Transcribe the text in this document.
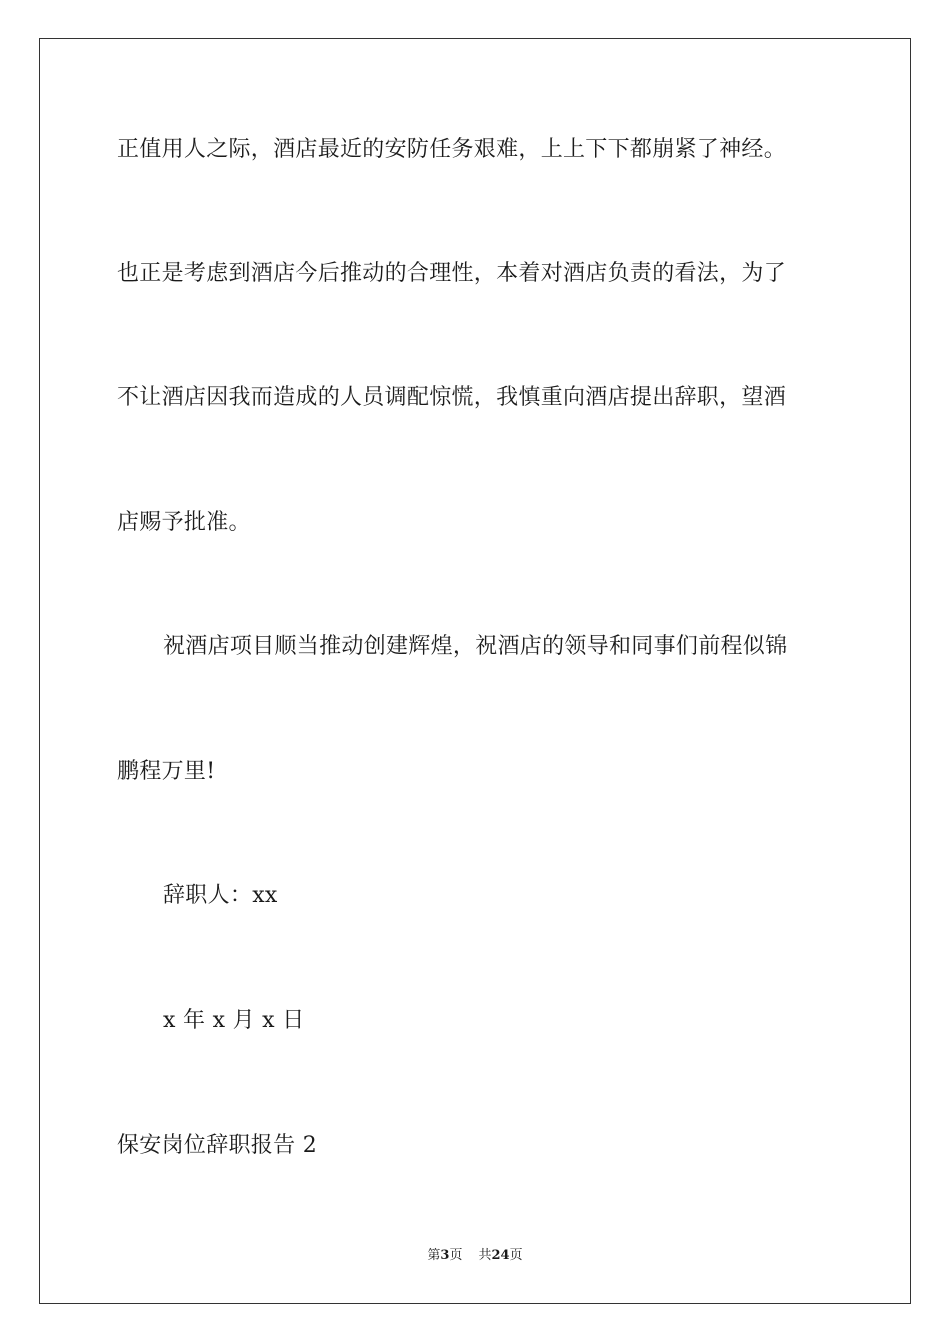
正值用人之际，酒店最近的安防任务艰难，上上下下都崩紧了神经。
也正是考虑到酒店今后推动的合理性，本着对酒店负责的看法，为了
不让酒店因我而造成的人员调配惊慌，我慎重向酒店提出辞职，望酒
店赐予批准。
祝酒店项目顺当推动创建辉煌，祝酒店的领导和同事们前程似锦
鹏程万里!
辞职人：xx
x 年 x 月 x 日
保安岗位辞职报告 2
第3页 共24页
